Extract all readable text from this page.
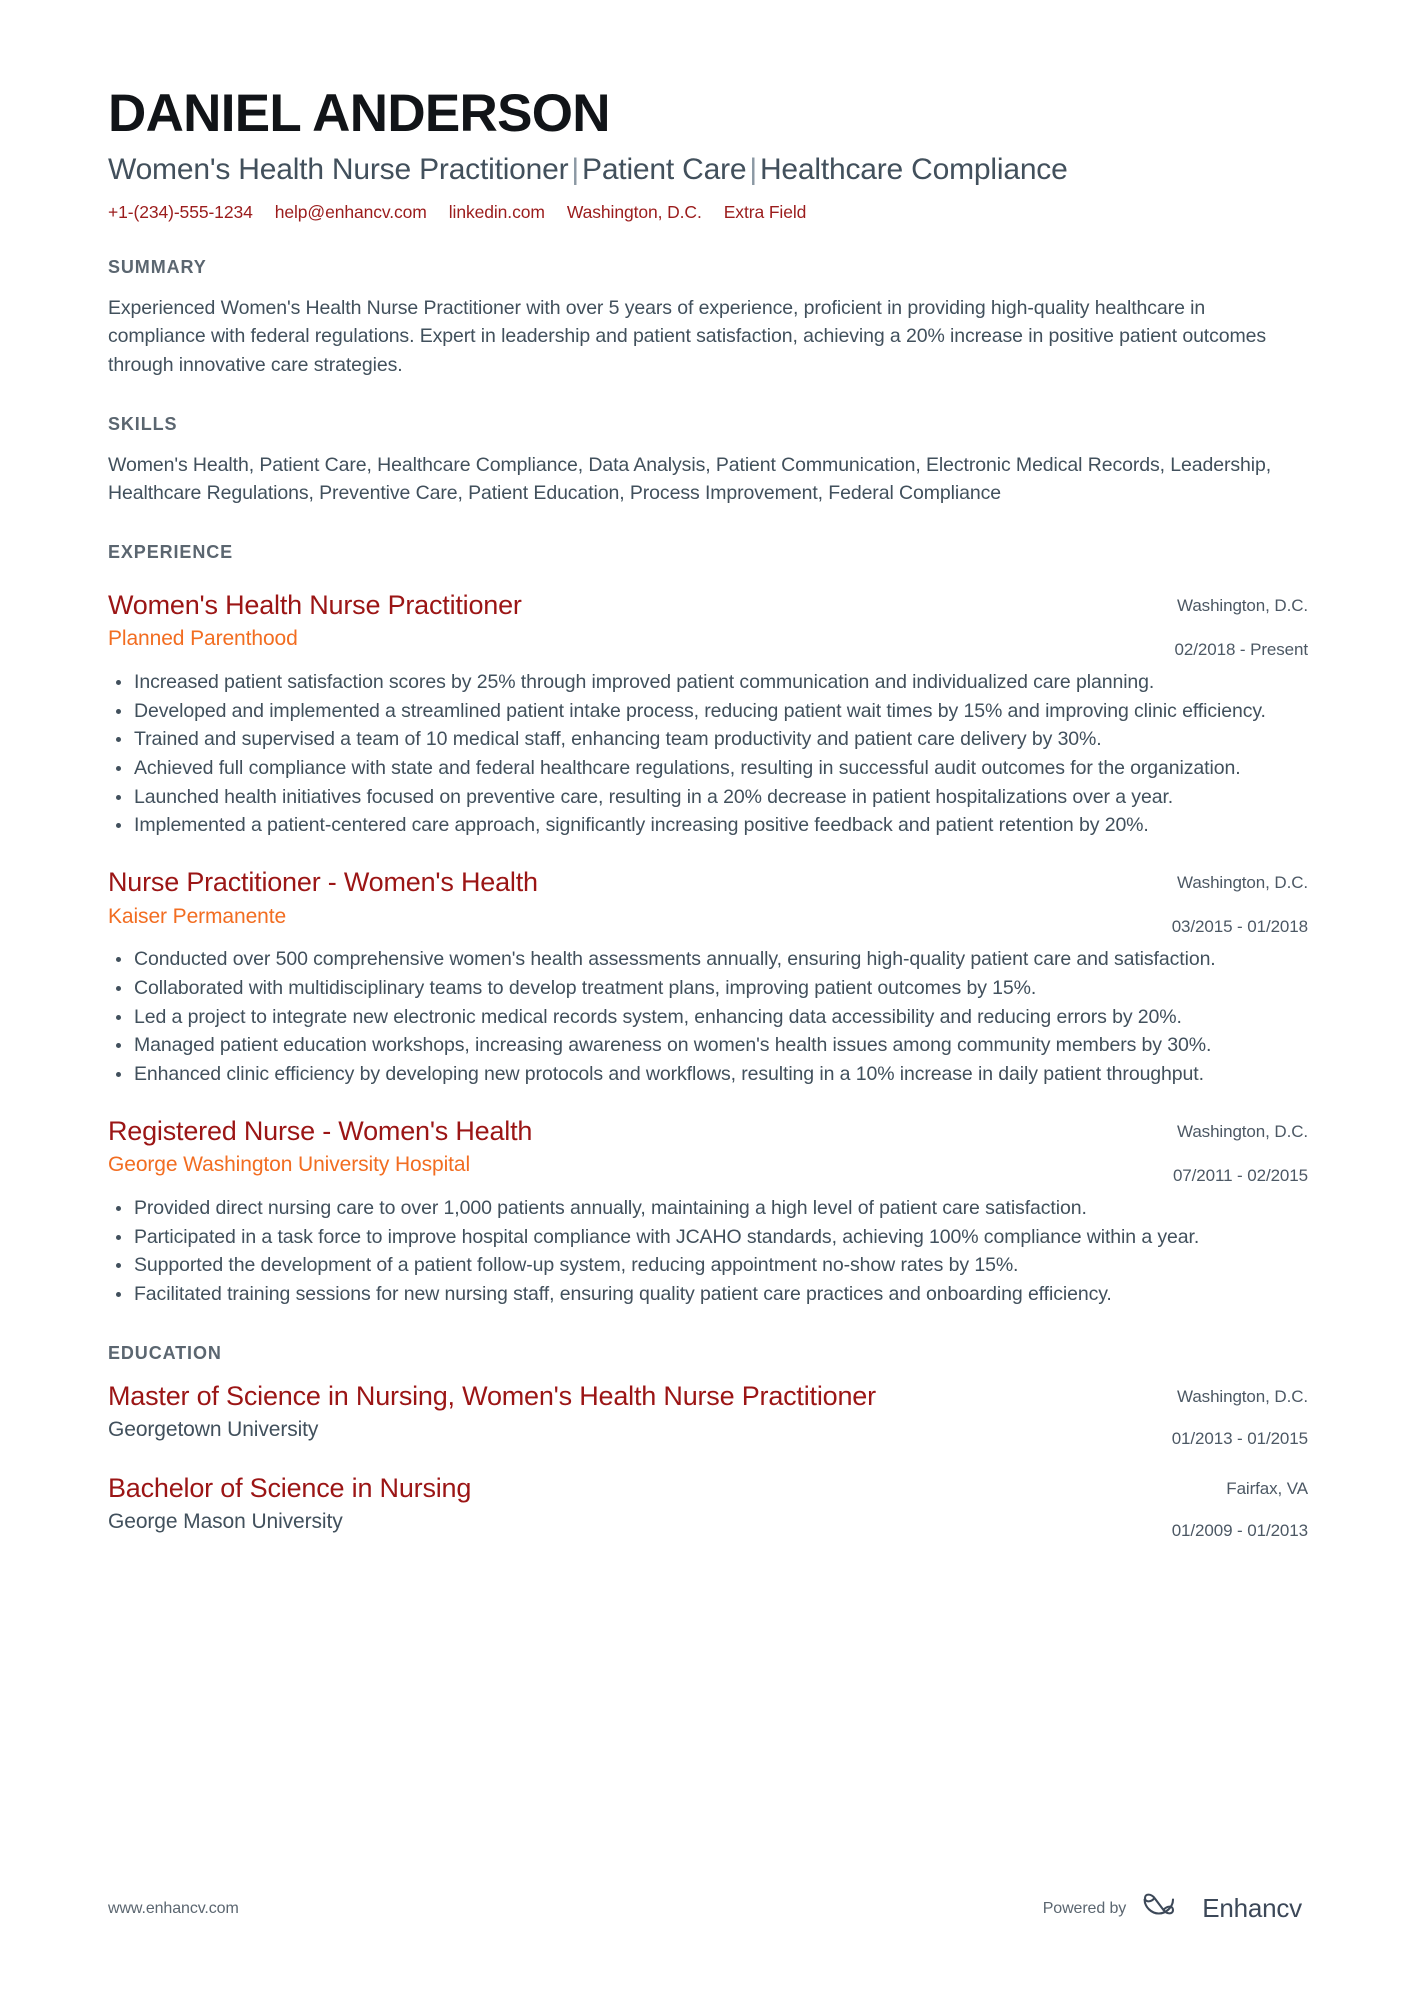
DANIEL ANDERSON
Women's Health Nurse Practitioner | Patient Care | Healthcare Compliance
+1-(234)-555-1234 help@enhancv.com linkedin.com Washington, D.C. Extra Field
SUMMARY
Experienced Women's Health Nurse Practitioner with over 5 years of experience, proficient in providing high-quality healthcare in compliance with federal regulations. Expert in leadership and patient satisfaction, achieving a 20% increase in positive patient outcomes through innovative care strategies.
SKILLS
Women's Health, Patient Care, Healthcare Compliance, Data Analysis, Patient Communication, Electronic Medical Records, Leadership, Healthcare Regulations, Preventive Care, Patient Education, Process Improvement, Federal Compliance
EXPERIENCE
Women's Health Nurse Practitioner
Planned Parenthood
Washington, D.C.
02/2018 - Present
Increased patient satisfaction scores by 25% through improved patient communication and individualized care planning.
Developed and implemented a streamlined patient intake process, reducing patient wait times by 15% and improving clinic efficiency.
Trained and supervised a team of 10 medical staff, enhancing team productivity and patient care delivery by 30%.
Achieved full compliance with state and federal healthcare regulations, resulting in successful audit outcomes for the organization.
Launched health initiatives focused on preventive care, resulting in a 20% decrease in patient hospitalizations over a year.
Implemented a patient-centered care approach, significantly increasing positive feedback and patient retention by 20%.
Nurse Practitioner - Women's Health
Kaiser Permanente
Washington, D.C.
03/2015 - 01/2018
Conducted over 500 comprehensive women's health assessments annually, ensuring high-quality patient care and satisfaction.
Collaborated with multidisciplinary teams to develop treatment plans, improving patient outcomes by 15%.
Led a project to integrate new electronic medical records system, enhancing data accessibility and reducing errors by 20%.
Managed patient education workshops, increasing awareness on women's health issues among community members by 30%.
Enhanced clinic efficiency by developing new protocols and workflows, resulting in a 10% increase in daily patient throughput.
Registered Nurse - Women's Health
George Washington University Hospital
Washington, D.C.
07/2011 - 02/2015
Provided direct nursing care to over 1,000 patients annually, maintaining a high level of patient care satisfaction.
Participated in a task force to improve hospital compliance with JCAHO standards, achieving 100% compliance within a year.
Supported the development of a patient follow-up system, reducing appointment no-show rates by 15%.
Facilitated training sessions for new nursing staff, ensuring quality patient care practices and onboarding efficiency.
EDUCATION
Master of Science in Nursing, Women's Health Nurse Practitioner
Georgetown University
Washington, D.C.
01/2013 - 01/2015
Bachelor of Science in Nursing
George Mason University
Fairfax, VA
01/2009 - 01/2013
www.enhancv.com	Powered by	Enhancv
